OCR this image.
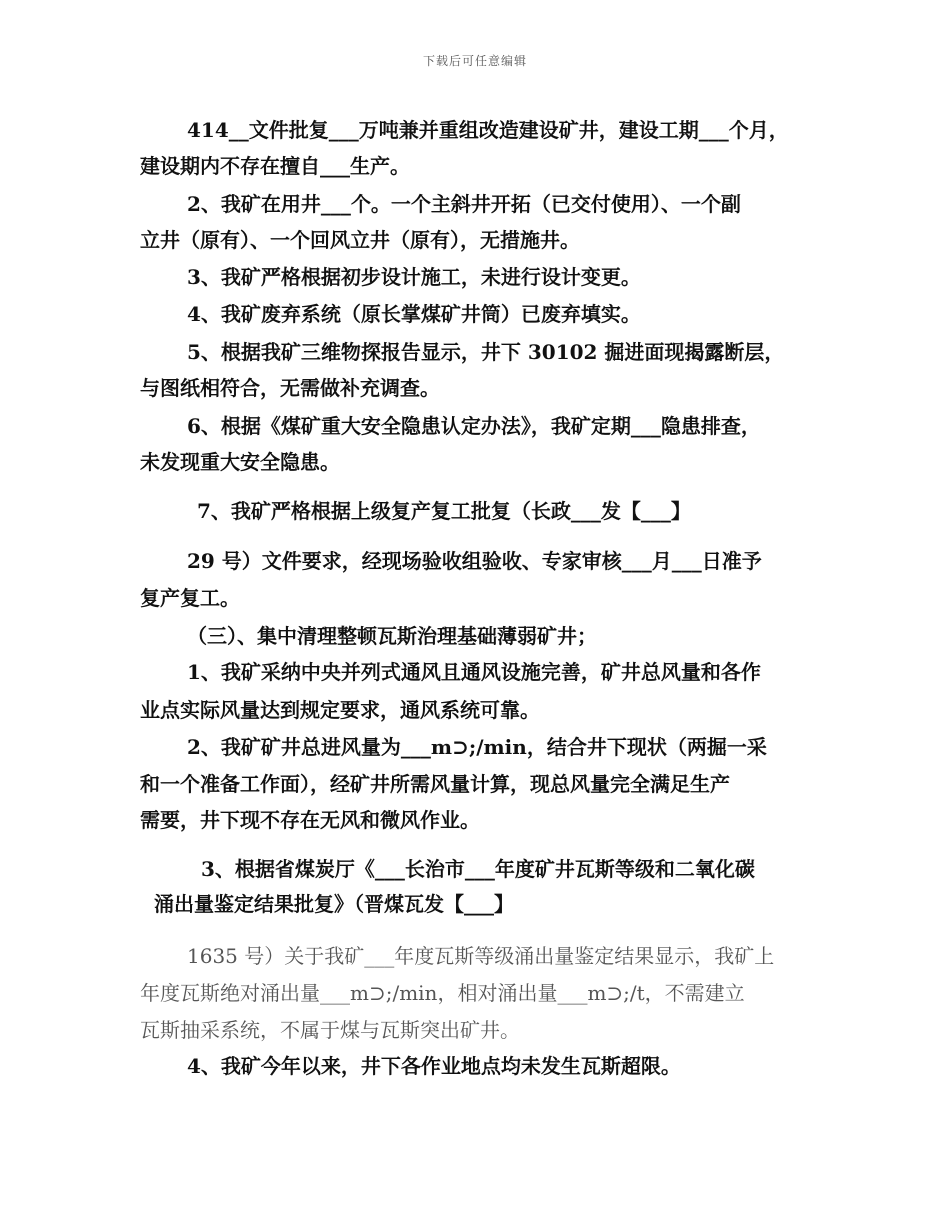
下载后可任意编辑
414__文件批复___万吨兼并重组改造建设矿井，建设工期___个月，
建设期内不存在擅自___生产。
2、我矿在用井___个。一个主斜井开拓（已交付使用）、一个副
立井（原有）、一个回风立井（原有），无措施井。
3、我矿严格根据初步设计施工，未进行设计变更。
4、我矿废弃系统（原长掌煤矿井筒）已废弃填实。
5、根据我矿三维物探报告显示，井下 30102 掘进面现揭露断层，
与图纸相符合，无需做补充调查。
6、根据《煤矿重大安全隐患认定办法》，我矿定期___隐患排查，
未发现重大安全隐患。
7、我矿严格根据上级复产复工批复（长政___发【___】
29 号）文件要求，经现场验收组验收、专家审核___月___日准予
复产复工。
（三）、集中清理整顿瓦斯治理基础薄弱矿井；
1、我矿采纳中央并列式通风且通风设施完善，矿井总风量和各作
业点实际风量达到规定要求，通风系统可靠。
2、我矿矿井总进风量为___m⊃;/min，结合井下现状（两掘一采
和一个准备工作面），经矿井所需风量计算，现总风量完全满足生产
需要，井下现不存在无风和微风作业。
3、根据省煤炭厅《___长治市___年度矿井瓦斯等级和二氧化碳
涌出量鉴定结果批复》（晋煤瓦发【___】
1635 号）关于我矿___年度瓦斯等级涌出量鉴定结果显示，我矿上
年度瓦斯绝对涌出量___m⊃;/min，相对涌出量___m⊃;/t，不需建立
瓦斯抽采系统，不属于煤与瓦斯突出矿井。
4、我矿今年以来，井下各作业地点均未发生瓦斯超限。
